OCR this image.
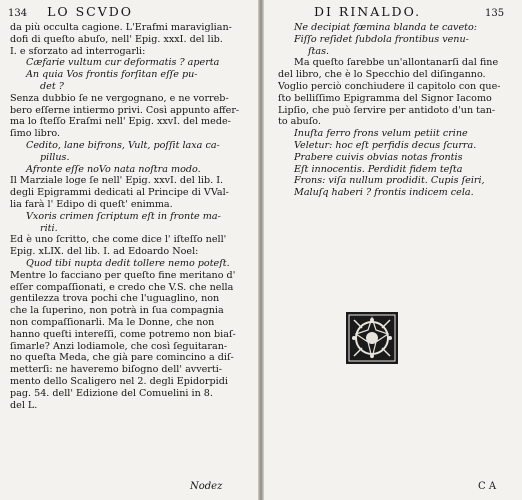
134 LO SCVDO
da più occulta cagione. L'Erafmi maraviglian-
dofi di queſto abuſo, nell' Epig. xxxI. del lib.
I. e sforzato ad interrogarli:
Cæfarie vultum cur deformatis ? aperta
An quia Vos frontis forſitan eſſe pu-
det ?
Senza dubbio ſe ne vergognano, e ne vorreb-
bero eſſerne intiermo privi. Così appunto affer-
ma lo ſteſſo Eraſmi nell' Epig. xxvI. del mede-
ſimo libro.
Cedito, lane bifrons, Vult, poſſit laxa ca-
pillus.
Afronte eſſe noVo nata noſtra modo.
Il Marziale loge ſe nell' Epig. xxvI. del lib. I.
degli Epigrammi dedicati al Principe di VVal-
lia farà l' Edipo di queſt' enimma.
Vxoris crimen ſcriptum eſt in fronte ma-
riti.
Ed è uno ſcritto, che come dice l' iſteſſo nell'
Epig. xLIX. del lib. I. ad Edoardo Noel:
Quod tibi nupta dedit tollere nemo poteſt.
Mentre lo facciano per queſto fine meritano d'
eſſer compaſſionati, e credo che V.S. che nella
gentilezza trova pochi che l'uguaglino, non
che la ſuperino, non potrà in ſua compagnia
non compaſſionarli. Ma le Donne, che non
hanno queſti intereſſi, come potremo non biaſ-
ſimarle? Anzi lodiamole, che così ſeguitaran-
no queſta Meda, che già pare comincino a diſ-
metterſi: ne haveremo biſogno dell' avverti-
mento dello Scaligero nel 2. degli Epidorpidi
pag. 54. dell' Edizione del Comuelini in 8.
del L.
Nodez
DI RINALDO.	135
Ne decipiat fœmina blanda te caveto:
Fiſſo reſidet ſubdola frontibus venu-
ſtas.
Ma queſto ſarebbe un'allontanarſi dal fine
del libro, che è lo Specchio del diſinganno.
Voglio perciò conchiudere il capitolo con que-
ſto belliſſimo Epigramma del Signor Iacomo
Lipſio, che può ſervire per antidoto d'un tan-
to abuſo.
Inuſta ferro frons velum petiit crine
Veletur: hoc eſt perfidis decus ſcurra.
Prabere cuivis obvias notas frontis
Eſt innocentis. Perdidit fidem teſta
Frons: viſa nullum prodidit. Cupis ſeiri,
Maluſq haberi ? frontis indicem cela.
C A
